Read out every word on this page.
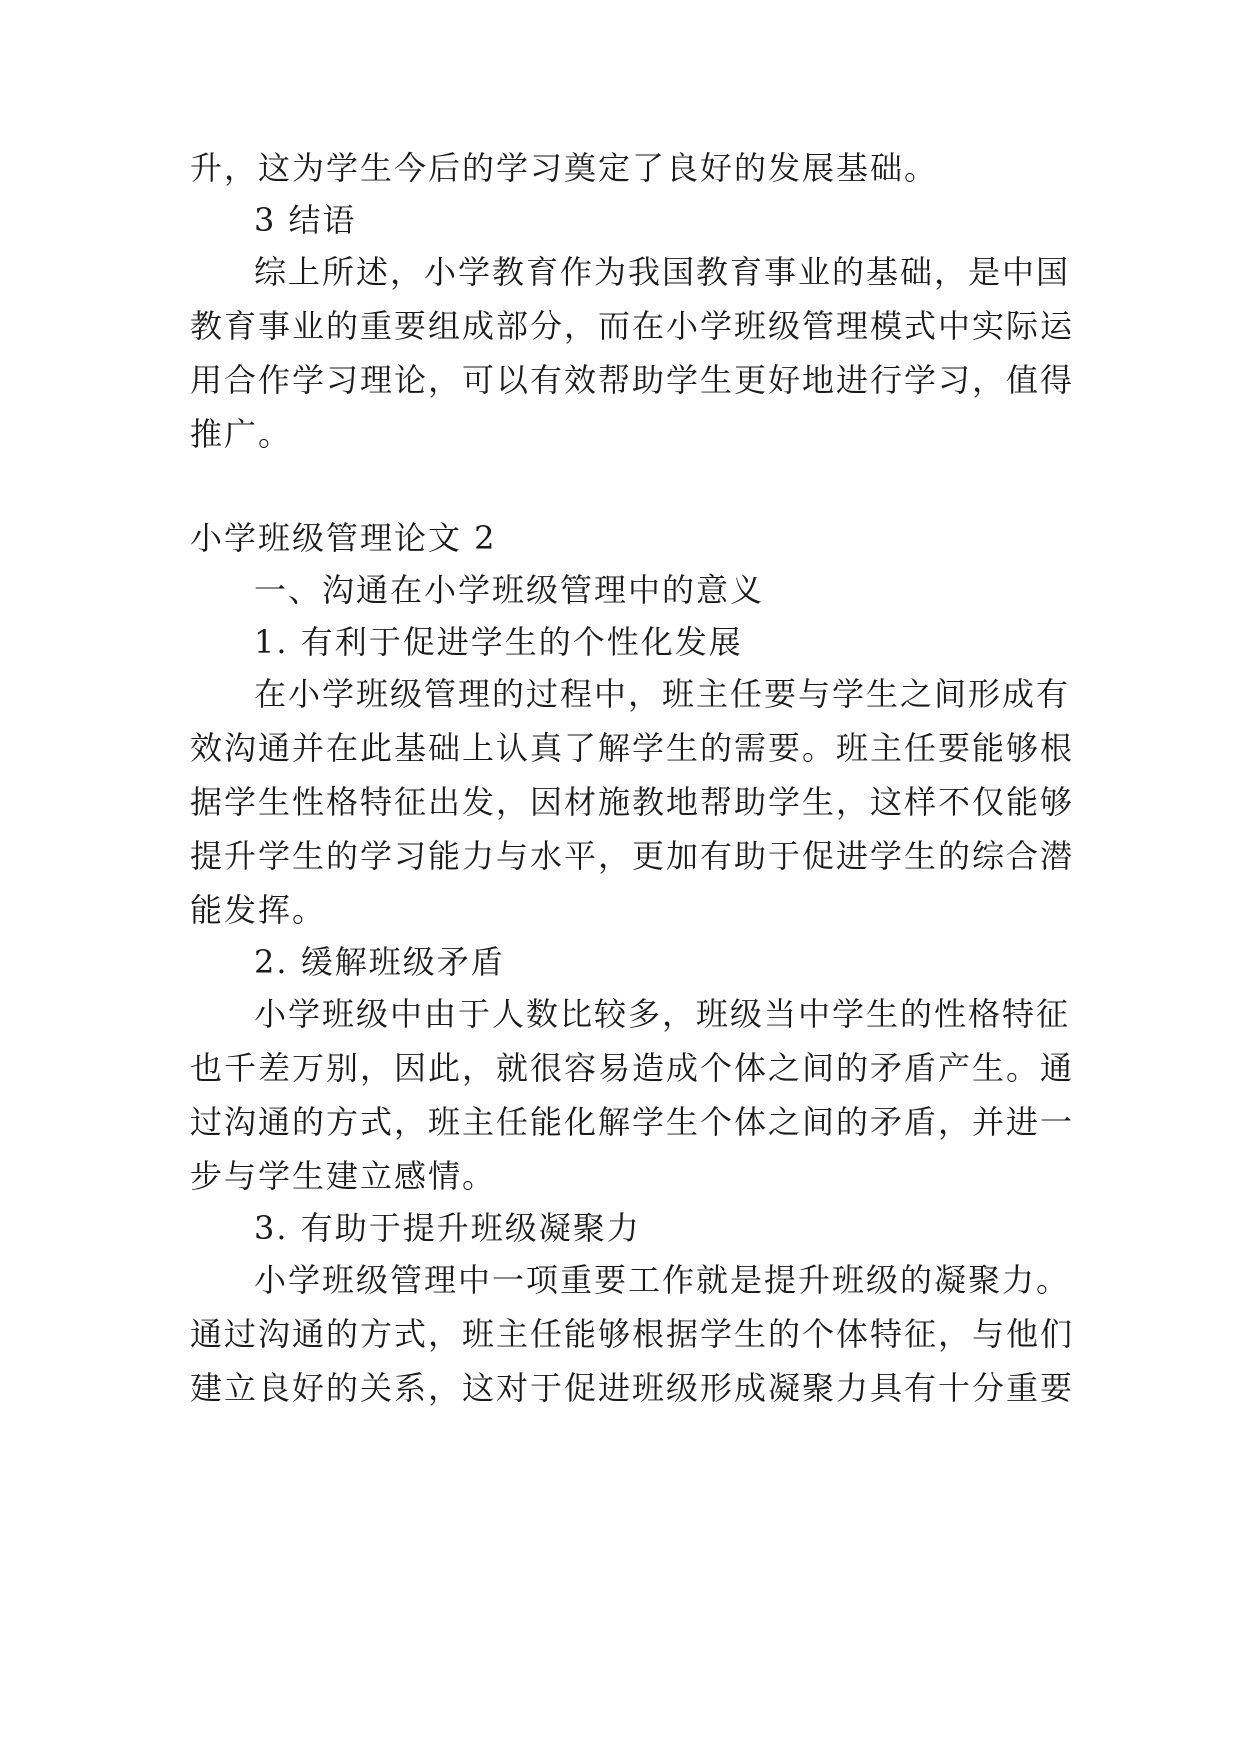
升，这为学生今后的学习奠定了良好的发展基础。
3 结语
综上所述，小学教育作为我国教育事业的基础，是中国
教育事业的重要组成部分，而在小学班级管理模式中实际运
用合作学习理论，可以有效帮助学生更好地进行学习，值得
推广。
小学班级管理论文 2
一、沟通在小学班级管理中的意义
1. 有利于促进学生的个性化发展
在小学班级管理的过程中，班主任要与学生之间形成有
效沟通并在此基础上认真了解学生的需要。班主任要能够根
据学生性格特征出发，因材施教地帮助学生，这样不仅能够
提升学生的学习能力与水平，更加有助于促进学生的综合潜
能发挥。
2. 缓解班级矛盾
小学班级中由于人数比较多，班级当中学生的性格特征
也千差万别，因此，就很容易造成个体之间的矛盾产生。通
过沟通的方式，班主任能化解学生个体之间的矛盾，并进一
步与学生建立感情。
3. 有助于提升班级凝聚力
小学班级管理中一项重要工作就是提升班级的凝聚力。
通过沟通的方式，班主任能够根据学生的个体特征，与他们
建立良好的关系，这对于促进班级形成凝聚力具有十分重要
